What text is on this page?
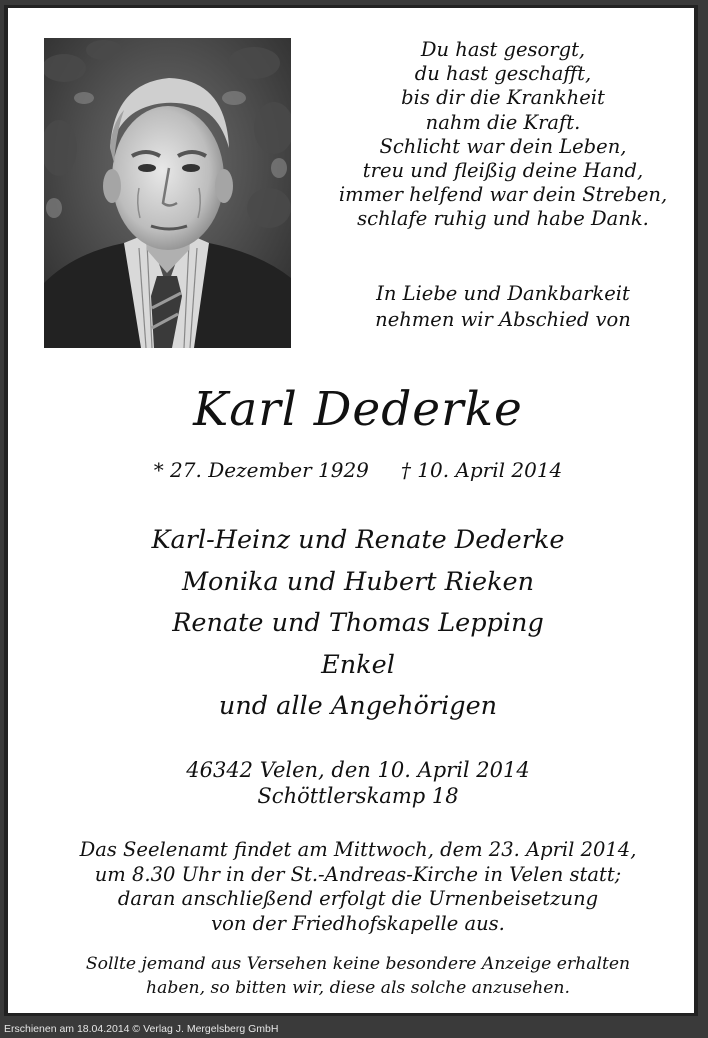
Du hast gesorgt,
du hast geschafft,
bis dir die Krankheit
nahm die Kraft.
Schlicht war dein Leben,
treu und fleißig deine Hand,
immer helfend war dein Streben,
schlafe ruhig und habe Dank.
In Liebe und Dankbarkeit
nehmen wir Abschied von
Karl Dederke
* 27. Dezember 1929 † 10. April 2014
Karl-Heinz und Renate Dederke
Monika und Hubert Rieken
Renate und Thomas Lepping
Enkel
und alle Angehörigen
46342 Velen, den 10. April 2014
Schöttlerskamp 18
Das Seelenamt findet am Mittwoch, dem 23. April 2014,
um 8.30 Uhr in der St.-Andreas-Kirche in Velen statt;
daran anschließend erfolgt die Urnenbeisetzung
von der Friedhofskapelle aus.
Sollte jemand aus Versehen keine besondere Anzeige erhalten
haben, so bitten wir, diese als solche anzusehen.
Erschienen am 18.04.2014 © Verlag J. Mergelsberg GmbH
